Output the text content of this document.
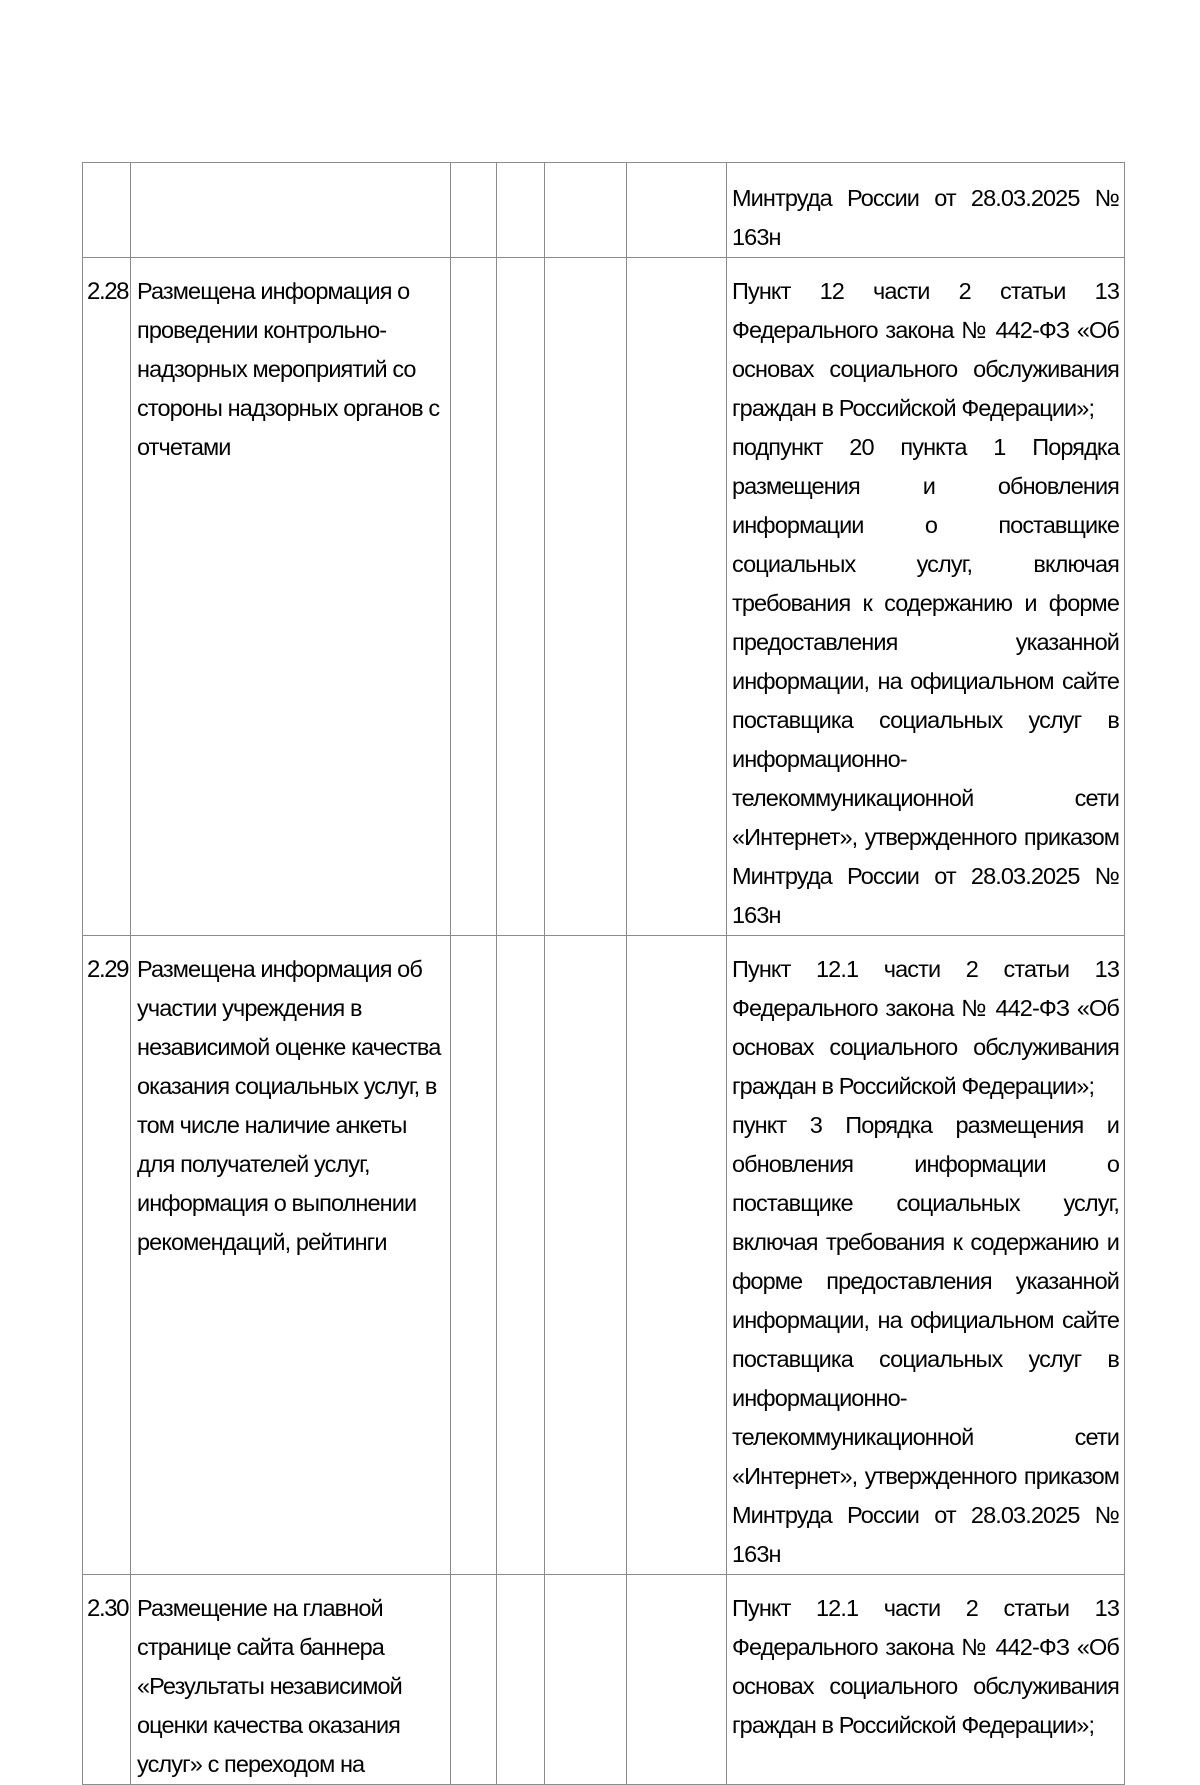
						Минтруда России от 28.03.2025 № 163н

2.28	Размещена информация о проведении контрольно-надзорных мероприятий со стороны надзорных органов с отчетами					Пункт 12 части 2 статьи 13 Федерального закона № 442-ФЗ «Об основах социального обслуживания граждан в Российской Федерации»;
подпункт 20 пункта 1 Порядка размещения и обновления информации о поставщике социальных услуг, включая требования к содержанию и форме предоставления указанной информации, на официальном сайте поставщика социальных услуг в информационно-телекоммуникационной сети «Интернет», утвержденного приказом Минтруда России от 28.03.2025 № 163н

2.29	Размещена информация об участии учреждения в независимой оценке качества оказания социальных услуг, в том числе наличие анкеты для получателей услуг, информация о выполнении рекомендаций, рейтинги					Пункт 12.1 части 2 статьи 13 Федерального закона № 442-ФЗ «Об основах социального обслуживания граждан в Российской Федерации»;
пункт 3 Порядка размещения и обновления информации о поставщике социальных услуг, включая требования к содержанию и форме предоставления указанной информации, на официальном сайте поставщика социальных услуг в информационно-телекоммуникационной сети «Интернет», утвержденного приказом Минтруда России от 28.03.2025 № 163н

2.30	Размещение на главной странице сайта баннера «Результаты независимой оценки качества оказания услуг» с переходом на					Пункт 12.1 части 2 статьи 13 Федерального закона № 442-ФЗ «Об основах социального обслуживания граждан в Российской Федерации»;
